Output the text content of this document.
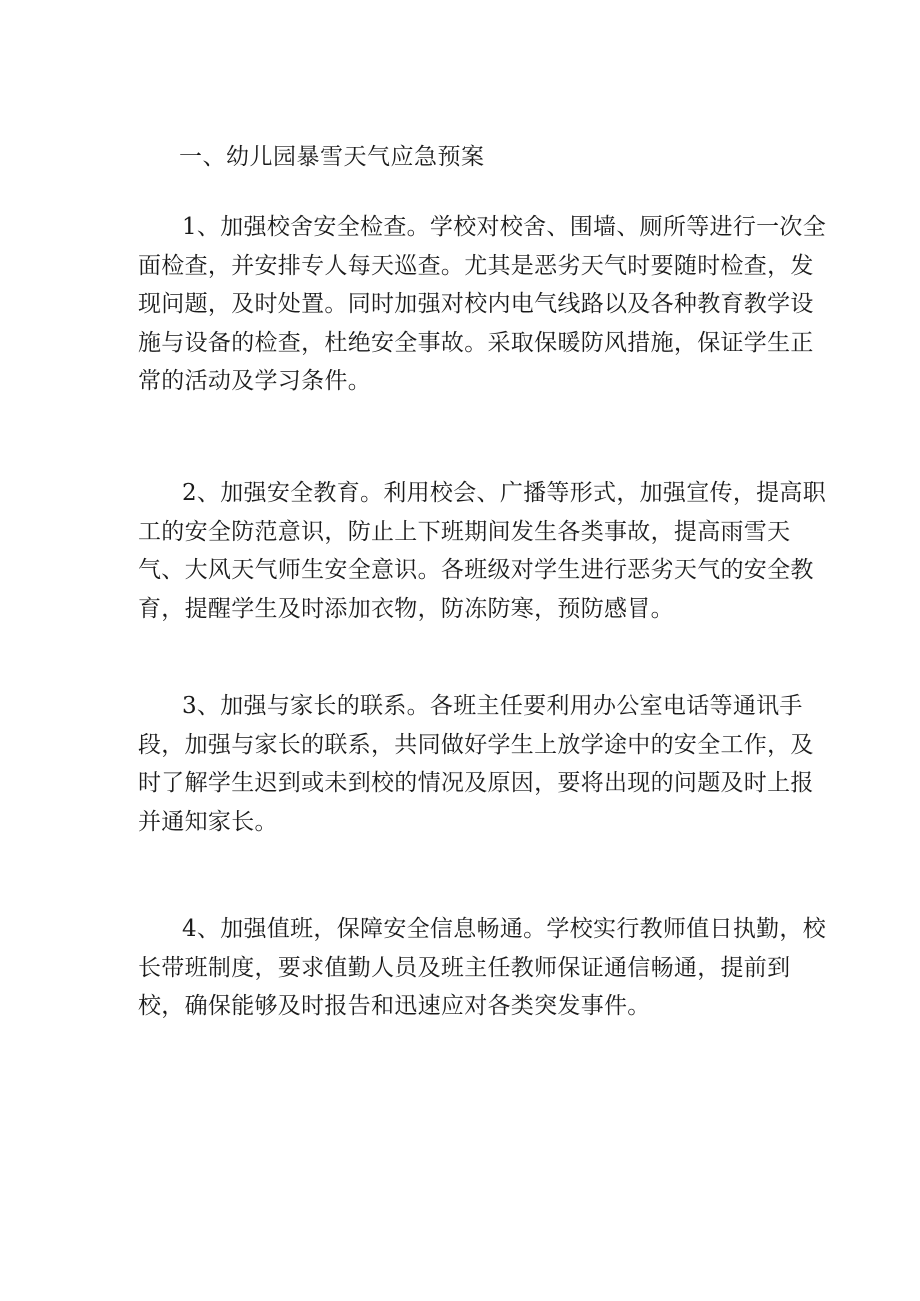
一、幼儿园暴雪天气应急预案
1、加强校舍安全检查。学校对校舍、围墙、厕所等进行一次全
面检查，并安排专人每天巡查。尤其是恶劣天气时要随时检查，发
现问题，及时处置。同时加强对校内电气线路以及各种教育教学设
施与设备的检查，杜绝安全事故。采取保暖防风措施，保证学生正
常的活动及学习条件。
2、加强安全教育。利用校会、广播等形式，加强宣传，提高职
工的安全防范意识，防止上下班期间发生各类事故，提高雨雪天
气、大风天气师生安全意识。各班级对学生进行恶劣天气的安全教
育，提醒学生及时添加衣物，防冻防寒，预防感冒。
3、加强与家长的联系。各班主任要利用办公室电话等通讯手
段，加强与家长的联系，共同做好学生上放学途中的安全工作，及
时了解学生迟到或未到校的情况及原因，要将出现的问题及时上报
并通知家长。
4、加强值班，保障安全信息畅通。学校实行教师值日执勤，校
长带班制度，要求值勤人员及班主任教师保证通信畅通，提前到
校，确保能够及时报告和迅速应对各类突发事件。
